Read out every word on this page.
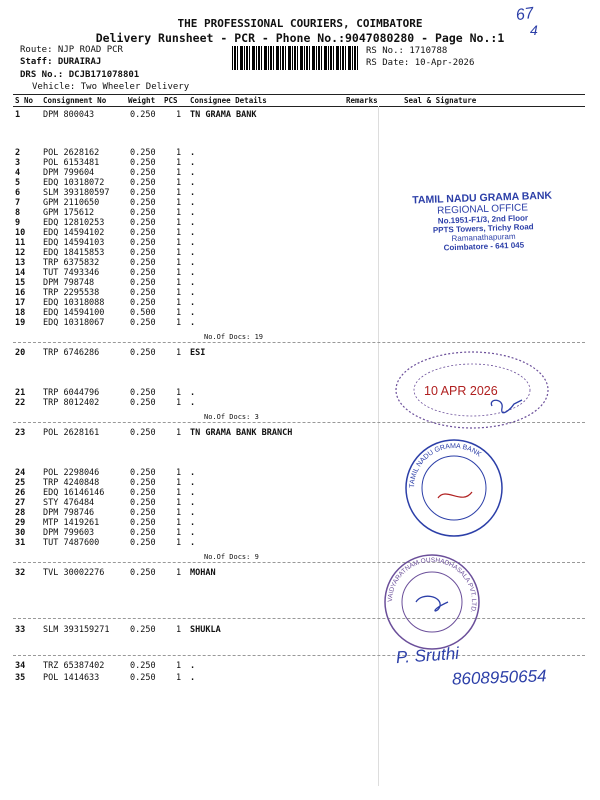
67
4
THE PROFESSIONAL COURIERS, COIMBATORE
Delivery Runsheet - PCR - Phone No.:9047080280 - Page No.:1
Route: NJP ROAD PCR
Staff: DURAIRAJ
DRS No.: DCJB171078801
Vehicle: Two Wheeler Delivery
RS No.: 1710788
RS Date: 10-Apr-2026
S No Consignment No	Weight PCS Consignee Details	Remarks	Seal & Signature
1	DPM 800043	0.250 1 TN GRAMA BANK
2	POL 2628162	0.250 1 .
3	POL 6153481	0.250 1 .
4	DPM 799604	0.250 1 .
5	EDQ 10318072	0.250 1 .
6	SLM 393180597 0.250 1 .
7	GPM 2110650	0.250 1 .
8	GPM 175612	0.250 1 .
9	EDQ 12810253	0.250 1 .
10 EDQ 14594102	0.250 1 .
11 EDQ 14594103	0.250 1 .
12 EDQ 18415853	0.250 1 .
13 TRP 6375832	0.250 1 .
14 TUT 7493346	0.250 1 .
15 DPM 798748	0.250 1 .
16 TRP 2295538	0.250 1 .
17 EDQ 10318088	0.250 1 .
18 EDQ 14594100	0.500 1 .
19 EDQ 10318067	0.250 1 .
No.Of Docs: 19
20 TRP 6746286	0.250 1 ESI
21 TRP 6044796	0.250 1 .
22 TRP 8012402	0.250 1 .
No.Of Docs: 3
23 POL 2628161	0.250 1 TN GRAMA BANK BRANCH
24 POL 2298046	0.250 1 .
25 TRP 4240848	0.250 1 .
26 EDQ 16146146	0.250 1 .
27 STY 476484	0.250 1 .
28 DPM 798746	0.250 1 .
29 MTP 1419261	0.250 1 .
30 DPM 799603	0.250 1 .
31 TUT 7487600	0.250 1 .
No.Of Docs: 9
32 TVL 30002276	0.250 1 MOHAN
33 SLM 393159271 0.250 1 SHUKLA
34 TRZ 65387402	0.250 1 .
35 POL 1414633	0.250 1 .
TAMIL NADU GRAMA BANK
REGIONAL OFFICE
No.1951-F1/3, 2nd Floor
PPTS Towers, Trichy Road
Ramanathapuram
Coimbatore - 641 045
10 APR 2026
TAMIL NADU GRAMA BANK
VAIDYARATNAM OUSHADHASALA PVT. LTD.
P. Sruthi
8608950654
